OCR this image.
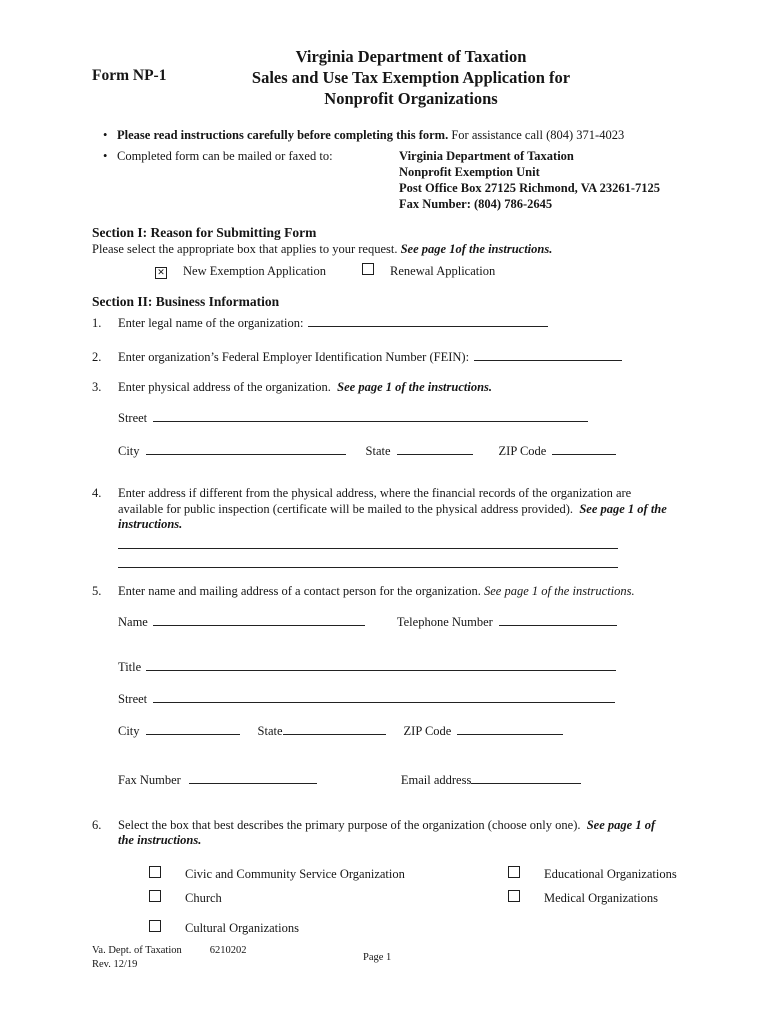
Form NP-1
Virginia Department of Taxation
Sales and Use Tax Exemption Application for
Nonprofit Organizations
• Please read instructions carefully before completing this form. For assistance call (804) 371-4023
• Completed form can be mailed or faxed to:	Virginia Department of Taxation
Nonprofit Exemption Unit
Post Office Box 27125 Richmond, VA 23261-7125
Fax Number: (804) 786-2645
Section I: Reason for Submitting Form
Please select the appropriate box that applies to your request. See page 1of the instructions.
✕ New Exemption Application	Renewal Application
Section II: Business Information
1.	Enter legal name of the organization:
2.	Enter organization’s Federal Employer Identification Number (FEIN):
3.	Enter physical address of the organization. See page 1 of the instructions.
Street
City	State	ZIP Code
4.	Enter address if different from the physical address, where the financial records of the organization are available for public inspection (certificate will be mailed to the physical address provided). See page 1 of the instructions.
5.	Enter name and mailing address of a contact person for the organization. See page 1 of the instructions.
Name	Telephone Number
Title
Street
City	State	ZIP Code
Fax Number	Email address
6.	Select the box that best describes the primary purpose of the organization (choose only one). See page 1 of the instructions.
Civic and Community Service Organization
Church
Cultural Organizations
Educational Organizations
Medical Organizations
Va. Dept. of Taxation	6210202
Rev. 12/19
Page 1
